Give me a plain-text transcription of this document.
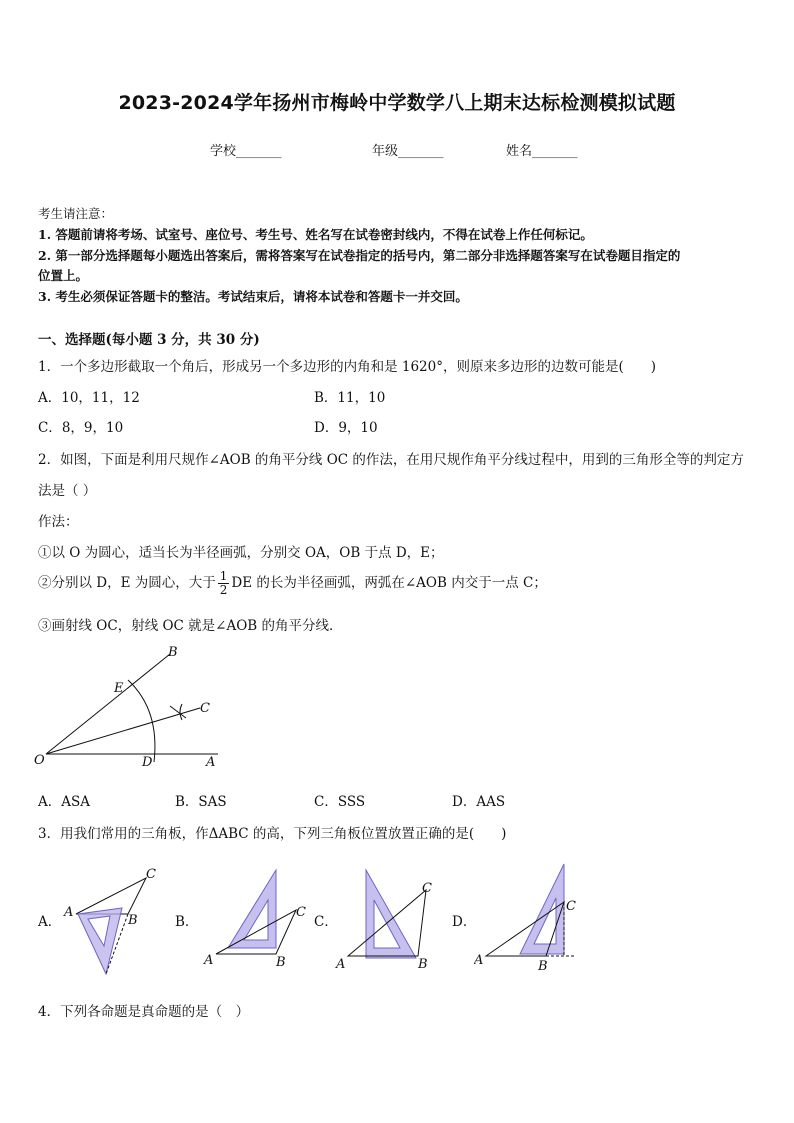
2023-2024学年扬州市梅岭中学数学八上期末达标检测模拟试题
学校_______	年级_______	姓名_______
考生请注意：
1. 答题前请将考场、试室号、座位号、考生号、姓名写在试卷密封线内，不得在试卷上作任何标记。
2. 第一部分选择题每小题选出答案后，需将答案写在试卷指定的括号内，第二部分非选择题答案写在试卷题目指定的
位置上。
3. 考生必须保证答题卡的整洁。考试结束后，请将本试卷和答题卡一并交回。
一、选择题(每小题 3 分，共 30 分)
1．一个多边形截取一个角后，形成另一个多边形的内角和是 1620°，则原来多边形的边数可能是(　　)
A．10，11，12	B．11，10
C．8，9，10	D．9，10
2．如图，下面是利用尺规作∠AOB 的角平分线 OC 的作法，在用尺规作角平分线过程中，用到的三角形全等的判定方
法是（ ）
作法：
①以 O 为圆心，适当长为半径画弧，分别交 OA，OB 于点 D，E；
②分别以 D，E 为圆心，大于 $\frac{1}{2}$ DE 的长为半径画弧，两弧在∠AOB 内交于一点 C；
③画射线 OC，射线 OC 就是∠AOB 的角平分线．
O	A
B
C
D
E
A．ASA	B．SAS	C．SSS	D．AAS
3．用我们常用的三角板，作ΔABC 的高，下列三角板位置放置正确的是(　　)
A．
A
B
C
B．
A	B
C
C．
A	B
C
D．
A	B
C
4．下列各命题是真命题的是（　）
